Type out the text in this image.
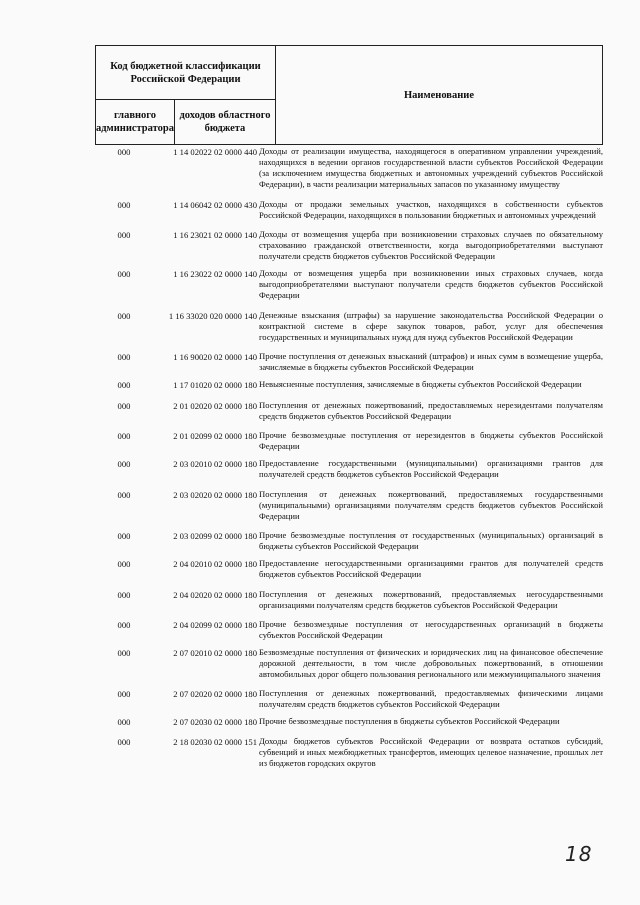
Код бюджетной классификации Российской Федерации		Наименование
главного администратора	доходов областного бюджета	
000	1 14 02022 02 0000 440 Доходы от реализации имущества, находящегося в оперативном управлении учреждений, находящихся в ведении органов государственной власти субъектов Российской Федерации (за исключением имущества бюджетных и автономных учреждений субъектов Российской Федерации), в части реализации материальных запасов по указанному имуществу
000	1 14 06042 02 0000 430 Доходы от продажи земельных участков, находящихся в собственности субъектов Российской Федерации, находящихся в пользовании бюджетных и автономных учреждений
000	1 16 23021 02 0000 140 Доходы от возмещения ущерба при возникновении страховых случаев по обязательному страхованию гражданской ответственности, когда выгодоприобретателями выступают получатели средств бюджетов субъектов Российской Федерации
000	1 16 23022 02 0000 140 Доходы от возмещения ущерба при возникновении иных страховых случаев, когда выгодоприобретателями выступают получатели средств бюджетов субъектов Российской Федерации
000	1 16 33020 020 0000 140 Денежные взыскания (штрафы) за нарушение законодательства Российской Федерации о контрактной системе в сфере закупок товаров, работ, услуг для обеспечения государственных и муниципальных нужд для нужд субъектов Российской Федерации
000	1 16 90020 02 0000 140 Прочие поступления от денежных взысканий (штрафов) и иных сумм в возмещение ущерба, зачисляемые в бюджеты субъектов Российской Федерации
000	1 17 01020 02 0000 180 Невыясненные поступления, зачисляемые в бюджеты субъектов Российской Федерации
000	2 01 02020 02 0000 180 Поступления от денежных пожертвований, предоставляемых нерезидентами получателям средств бюджетов субъектов Российской Федерации
000	2 01 02099 02 0000 180 Прочие безвозмездные поступления от нерезидентов в бюджеты субъектов Российской Федерации
000	2 03 02010 02 0000 180 Предоставление государственными (муниципальными) организациями грантов для получателей средств бюджетов субъектов Российской Федерации
000	2 03 02020 02 0000 180 Поступления от денежных пожертвований, предоставляемых государственными (муниципальными) организациями получателям средств бюджетов субъектов Российской Федерации
000	2 03 02099 02 0000 180 Прочие безвозмездные поступления от государственных (муниципальных) организаций в бюджеты субъектов Российской Федерации
000	2 04 02010 02 0000 180 Предоставление негосударственными организациями грантов для получателей средств бюджетов субъектов Российской Федерации
000	2 04 02020 02 0000 180 Поступления от денежных пожертвований, предоставляемых негосударственными организациями получателям средств бюджетов субъектов Российской Федерации
000	2 04 02099 02 0000 180 Прочие безвозмездные поступления от негосударственных организаций в бюджеты субъектов Российской Федерации
000	2 07 02010 02 0000 180 Безвозмездные поступления от физических и юридических лиц на финансовое обеспечение дорожной деятельности, в том числе добровольных пожертвований, в отношении автомобильных дорог общего пользования регионального или межмуниципального значения
000	2 07 02020 02 0000 180 Поступления от денежных пожертвований, предоставляемых физическими лицами получателям средств бюджетов субъектов Российской Федерации
000	2 07 02030 02 0000 180 Прочие безвозмездные поступления в бюджеты субъектов Российской Федерации
000	2 18 02030 02 0000 151 Доходы бюджетов субъектов Российской Федерации от возврата остатков субсидий, субвенций и иных межбюджетных трансфертов, имеющих целевое назначение, прошлых лет из бюджетов городских округов
18
